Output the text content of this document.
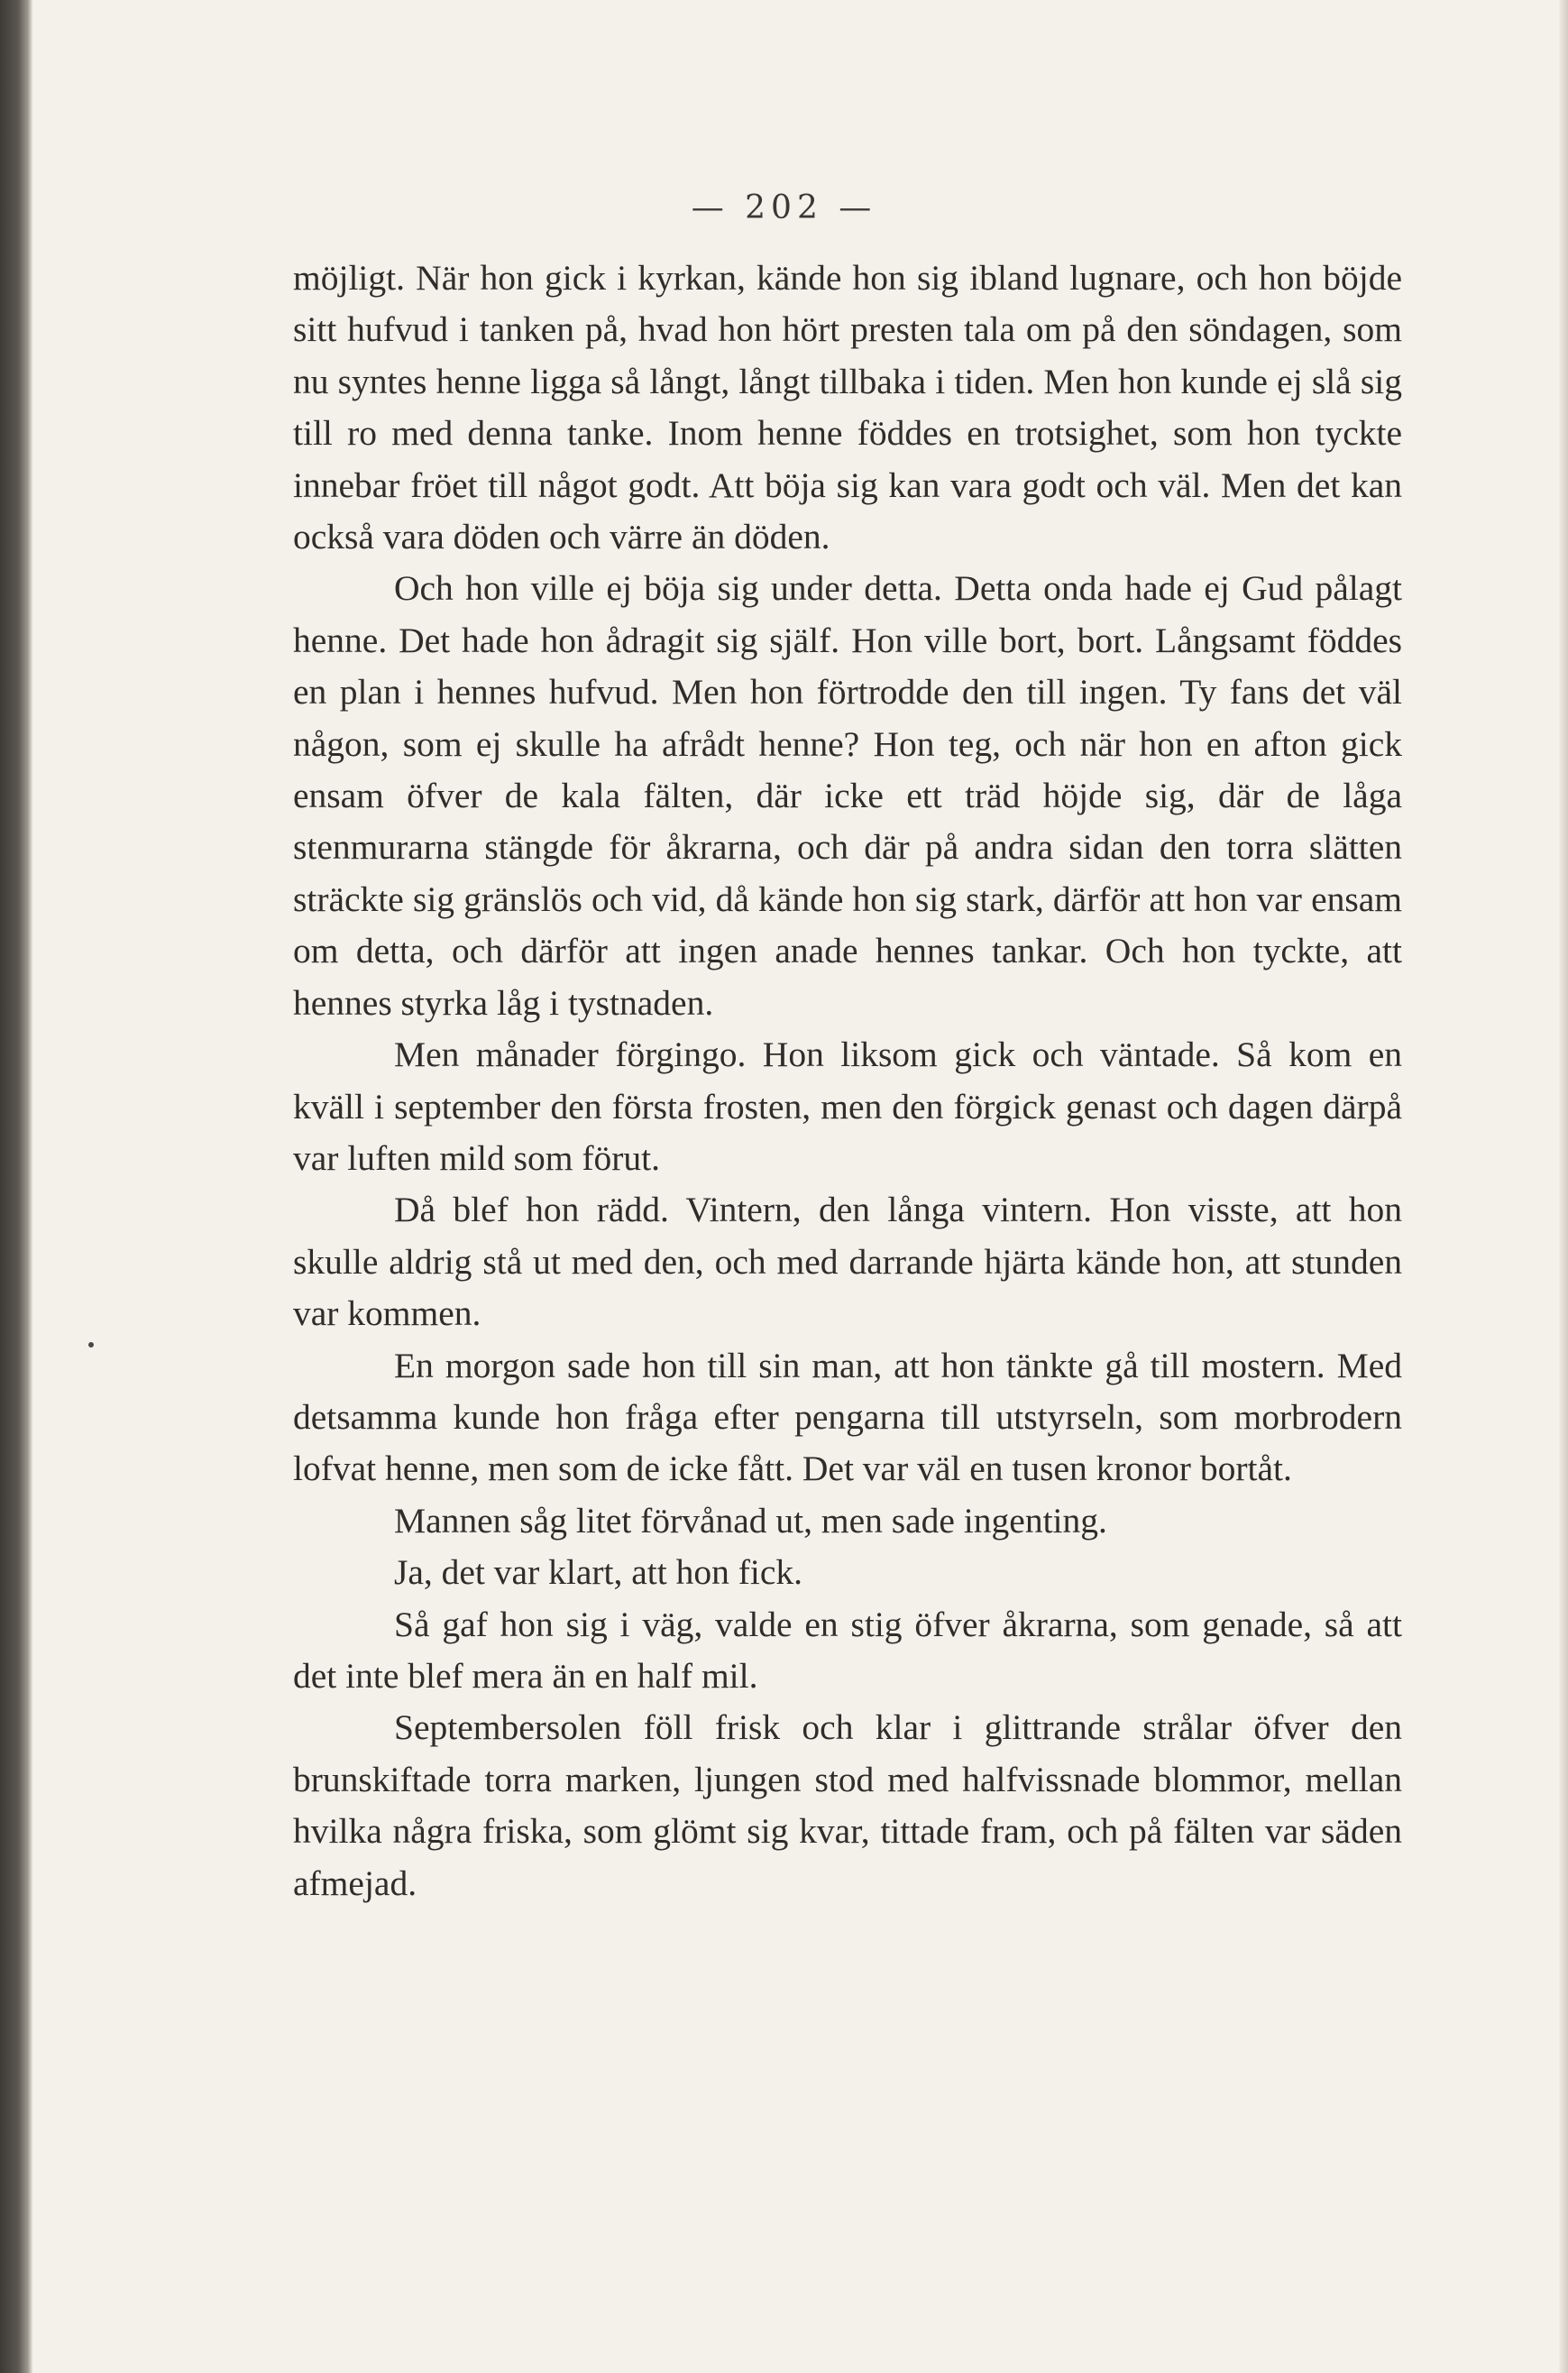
— 202 —

möjligt. När hon gick i kyrkan, kände hon sig ibland lugnare, och hon böjde sitt hufvud i tanken på, hvad hon hört presten tala om på den söndagen, som nu syntes henne ligga så långt, långt tillbaka i tiden. Men hon kunde ej slå sig till ro med denna tanke. Inom henne föddes en trotsighet, som hon tyckte innebar fröet till något godt. Att böja sig kan vara godt och väl. Men det kan också vara döden och värre än döden.

Och hon ville ej böja sig under detta. Detta onda hade ej Gud pålagt henne. Det hade hon ådragit sig själf. Hon ville bort, bort. Långsamt föddes en plan i hennes hufvud. Men hon förtrodde den till ingen. Ty fans det väl någon, som ej skulle ha afrådt henne? Hon teg, och när hon en afton gick ensam öfver de kala fälten, där icke ett träd höjde sig, där de låga stenmurarna stängde för åkrarna, och där på andra sidan den torra slätten sträckte sig gränslös och vid, då kände hon sig stark, därför att hon var ensam om detta, och därför att ingen anade hennes tankar. Och hon tyckte, att hennes styrka låg i tystnaden.

Men månader förgingo. Hon liksom gick och väntade. Så kom en kväll i september den första frosten, men den förgick genast och dagen därpå var luften mild som förut.

Då blef hon rädd. Vintern, den långa vintern. Hon visste, att hon skulle aldrig stå ut med den, och med darrande hjärta kände hon, att stunden var kommen.

En morgon sade hon till sin man, att hon tänkte gå till mostern. Med detsamma kunde hon fråga efter pengarna till utstyrseln, som morbrodern lofvat henne, men som de icke fått. Det var väl en tusen kronor bortåt.

Mannen såg litet förvånad ut, men sade ingenting.

Ja, det var klart, att hon fick.

Så gaf hon sig i väg, valde en stig öfver åkrarna, som genade, så att det inte blef mera än en half mil.

Septembersolen föll frisk och klar i glittrande strålar öfver den brunskiftade torra marken, ljungen stod med halfvissnade blommor, mellan hvilka några friska, som glömt sig kvar, tittade fram, och på fälten var säden afmejad.
